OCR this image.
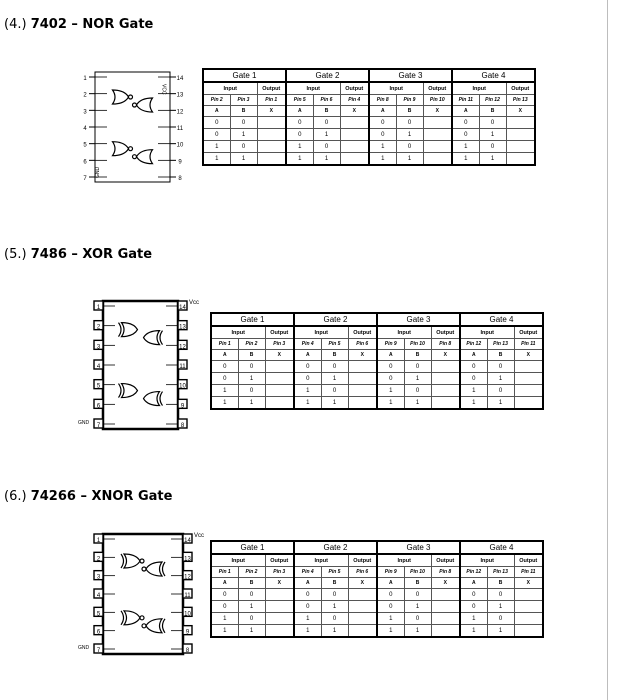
(4.) 7402 – NOR Gate
1	14
2	13
3	12
4	11
5	10
6	9
7	8
VCC
GND
Gate 1			Gate 2			Gate 3			Gate 4		
Input		Output	Input		Output	Input		Output	Input		Output
Pin 2	Pin 3	Pin 1	Pin 5	Pin 6	Pin 4	Pin 8	Pin 9	Pin 10	Pin 11	Pin 12	Pin 13
A	B	X	A	B	X	A	B	X	A	B	X
0	0		0	0		0	0		0	0	
0	1		0	1		0	1		0	1	
1	0		1	0		1	0		1	0	
1	1		1	1		1	1		1	1	
(5.) 7486 – XOR Gate
1	14
2	13
3	12
4	11
5	10
6	9
7	8
Vcc
GND
Gate 1			Gate 2			Gate 3			Gate 4		
Input		Output	Input		Output	Input		Output	Input		Output
Pin 1	Pin 2	Pin 3	Pin 4	Pin 5	Pin 6	Pin 9	Pin 10	Pin 8	Pin 12	Pin 13	Pin 11
A	B	X	A	B	X	A	B	X	A	B	X
0	0		0	0		0	0		0	0	
0	1		0	1		0	1		0	1	
1	0		1	0		1	0		1	0	
1	1		1	1		1	1		1	1	
(6.) 74266 – XNOR Gate
1	14
2	13
3	12
4	11
5	10
6	9
7	8
Vcc
GND
Gate 1			Gate 2			Gate 3			Gate 4		
Input		Output	Input		Output	Input		Output	Input		Output
Pin 1	Pin 2	Pin 3	Pin 4	Pin 5	Pin 6	Pin 9	Pin 10	Pin 8	Pin 12	Pin 13	Pin 11
A	B	X	A	B	X	A	B	X	A	B	X
0	0		0	0		0	0		0	0	
0	1		0	1		0	1		0	1	
1	0		1	0		1	0		1	0	
1	1		1	1		1	1		1	1	
